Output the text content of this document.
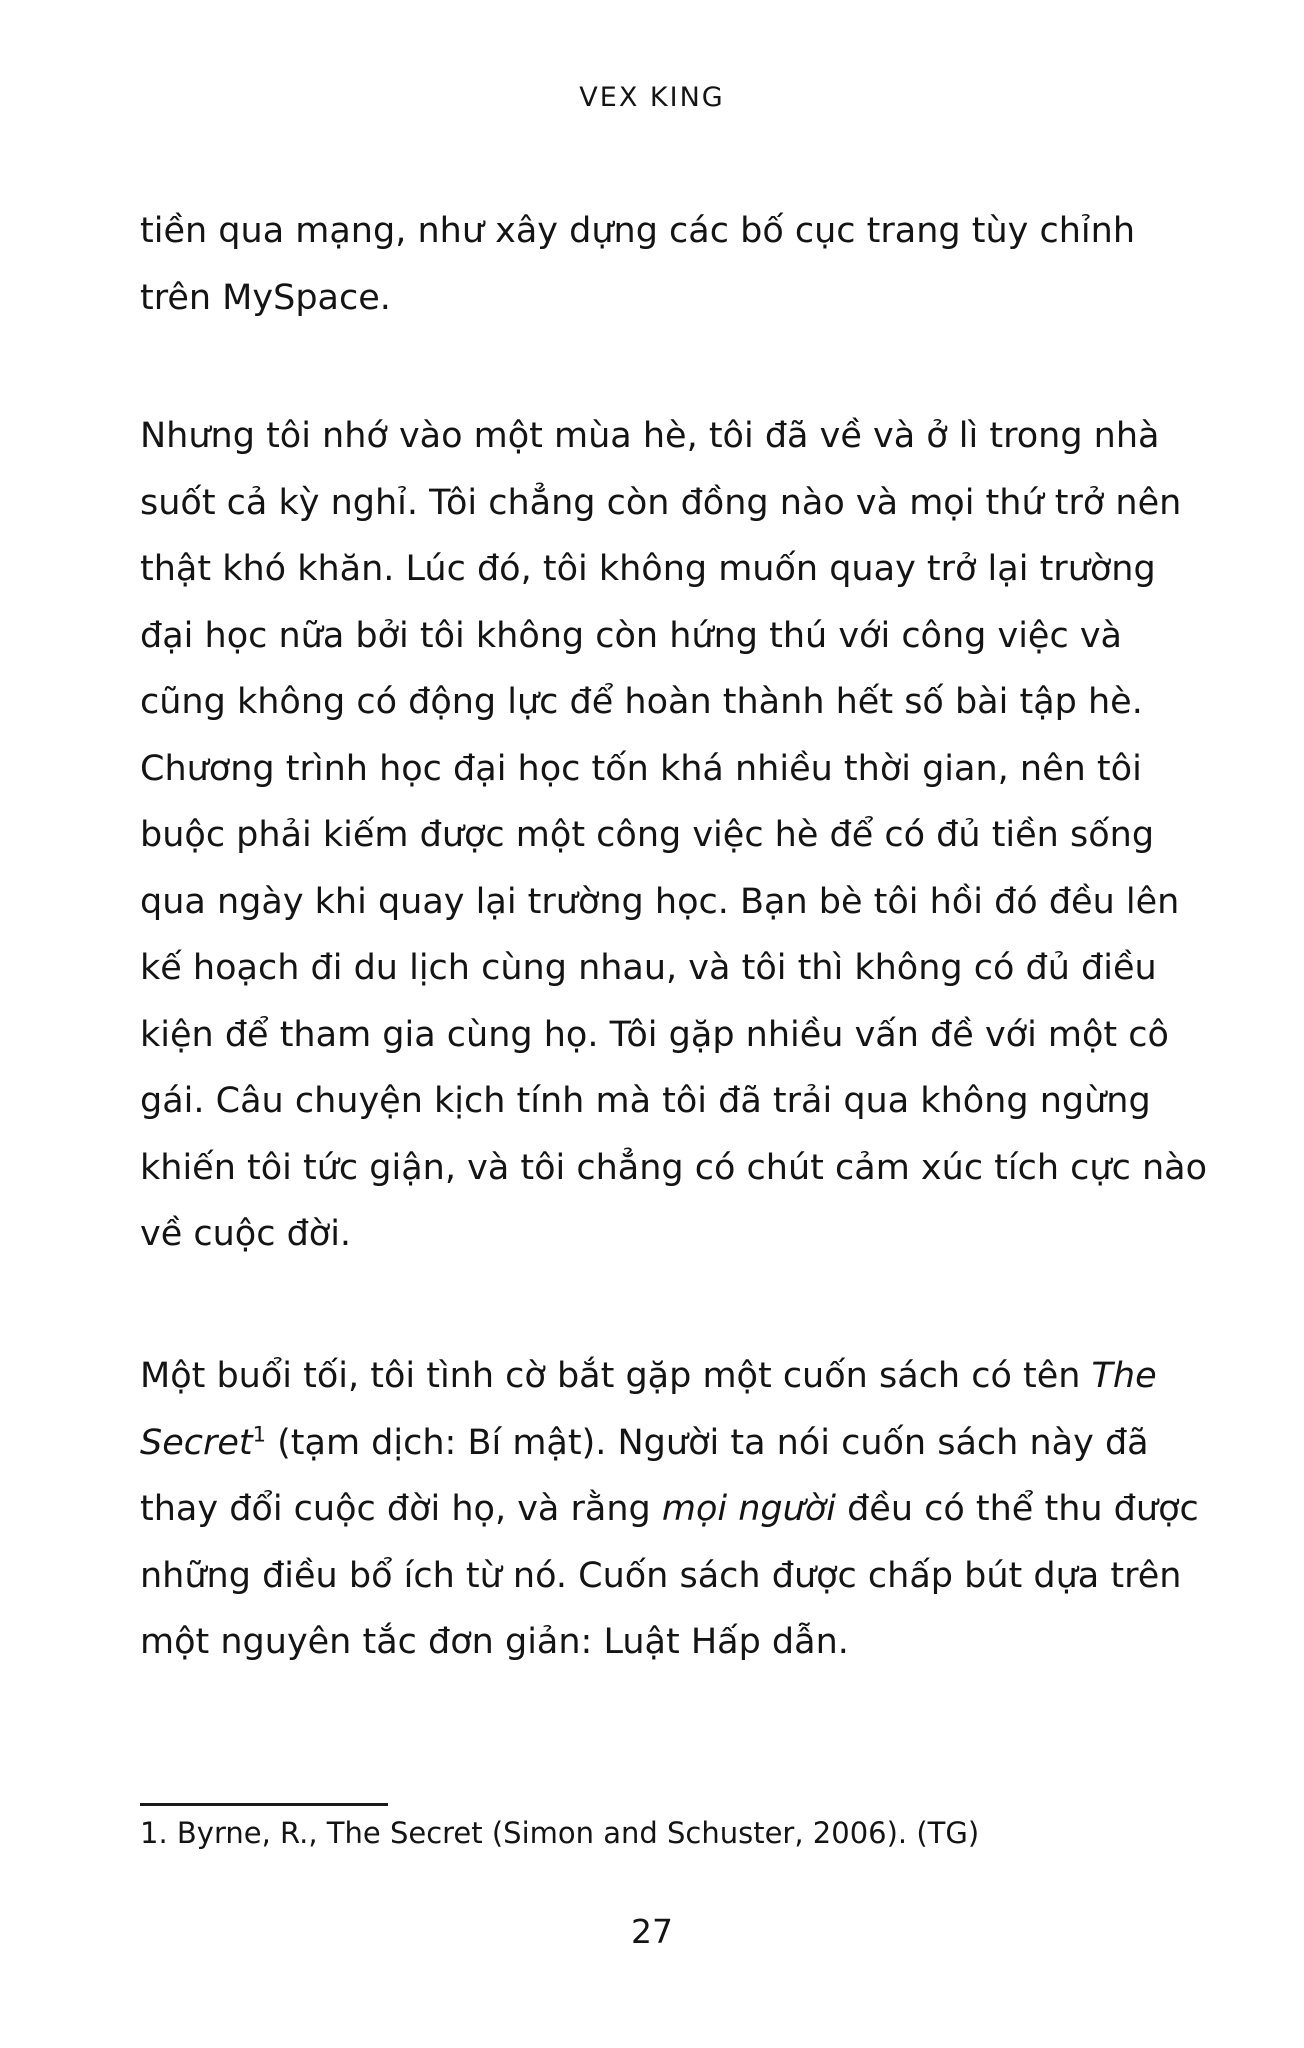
VEX KING
tiền qua mạng, như xây dựng các bố cục trang tùy chỉnh
trên MySpace.
Nhưng tôi nhớ vào một mùa hè, tôi đã về và ở lì trong nhà
suốt cả kỳ nghỉ. Tôi chẳng còn đồng nào và mọi thứ trở nên
thật khó khăn. Lúc đó, tôi không muốn quay trở lại trường
đại học nữa bởi tôi không còn hứng thú với công việc và
cũng không có động lực để hoàn thành hết số bài tập hè.
Chương trình học đại học tốn khá nhiều thời gian, nên tôi
buộc phải kiếm được một công việc hè để có đủ tiền sống
qua ngày khi quay lại trường học. Bạn bè tôi hồi đó đều lên
kế hoạch đi du lịch cùng nhau, và tôi thì không có đủ điều
kiện để tham gia cùng họ. Tôi gặp nhiều vấn đề với một cô
gái. Câu chuyện kịch tính mà tôi đã trải qua không ngừng
khiến tôi tức giận, và tôi chẳng có chút cảm xúc tích cực nào
về cuộc đời.
Một buổi tối, tôi tình cờ bắt gặp một cuốn sách có tên The
Secret$^1$ (tạm dịch: Bí mật). Người ta nói cuốn sách này đã
thay đổi cuộc đời họ, và rằng mọi người đều có thể thu được
những điều bổ ích từ nó. Cuốn sách được chấp bút dựa trên
một nguyên tắc đơn giản: Luật Hấp dẫn.
1. Byrne, R., The Secret (Simon and Schuster, 2006). (TG)
27
